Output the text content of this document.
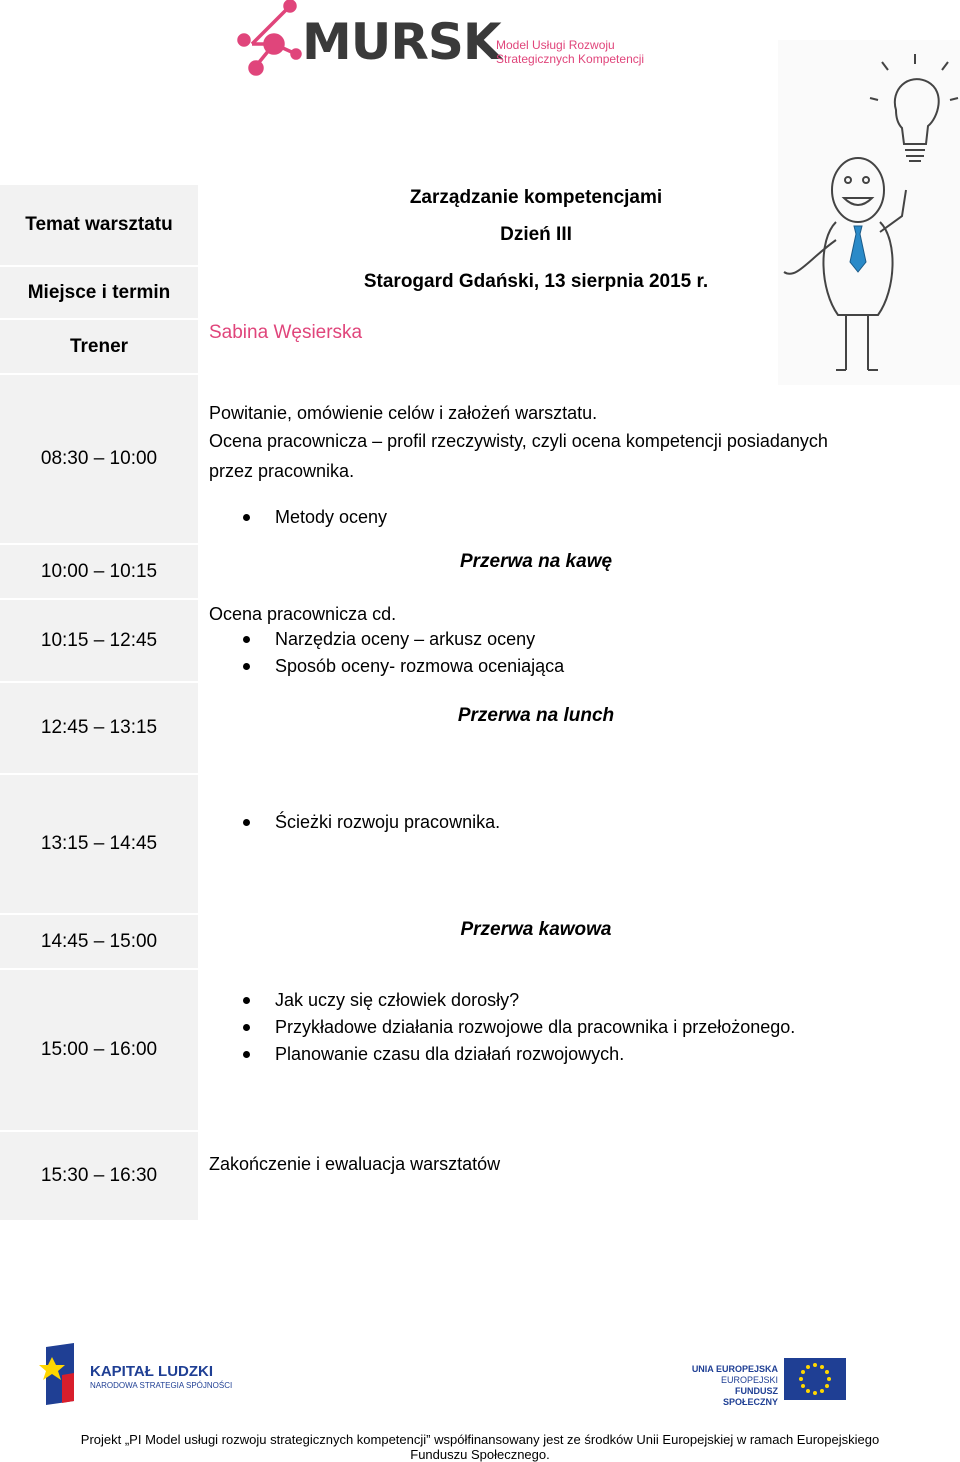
MURSK
Model Usługi Rozwoju
Strategicznych Kompetencji
Temat warsztatu
Zarządzanie kompetencjami
Dzień III
Miejsce i termin	Starogard Gdański, 13 sierpnia 2015 r.
Trener
Sabina Węsierska
08:30 – 10:00
Powitanie, omówienie celów i założeń warsztatu.
Ocena pracownicza – profil rzeczywisty, czyli ocena kompetencji posiadanych
przez pracownika.
Metody oceny
10:00 – 10:15	Przerwa na kawę
10:15 – 12:45
Ocena pracownicza cd.
Narzędzia oceny – arkusz oceny
Sposób oceny- rozmowa oceniająca
12:45 – 13:15
Przerwa na lunch
13:15 – 14:45
Ścieżki rozwoju pracownika.
14:45 – 15:00
Przerwa kawowa
15:00 – 16:00
Jak uczy się człowiek dorosły?
Przykładowe działania rozwojowe dla pracownika i przełożonego.
Planowanie czasu dla działań rozwojowych.
15:30 – 16:30
Zakończenie i ewaluacja warsztatów
KAPITAŁ LUDZKI
NARODOWA STRATEGIA SPÓJNOŚCI
UNIA EUROPEJSKA
EUROPEJSKI
FUNDUSZ SPOŁECZNY
Projekt „PI Model usługi rozwoju strategicznych kompetencji” współfinansowany jest ze środków Unii Europejskiej w ramach Europejskiego
Funduszu Społecznego.
